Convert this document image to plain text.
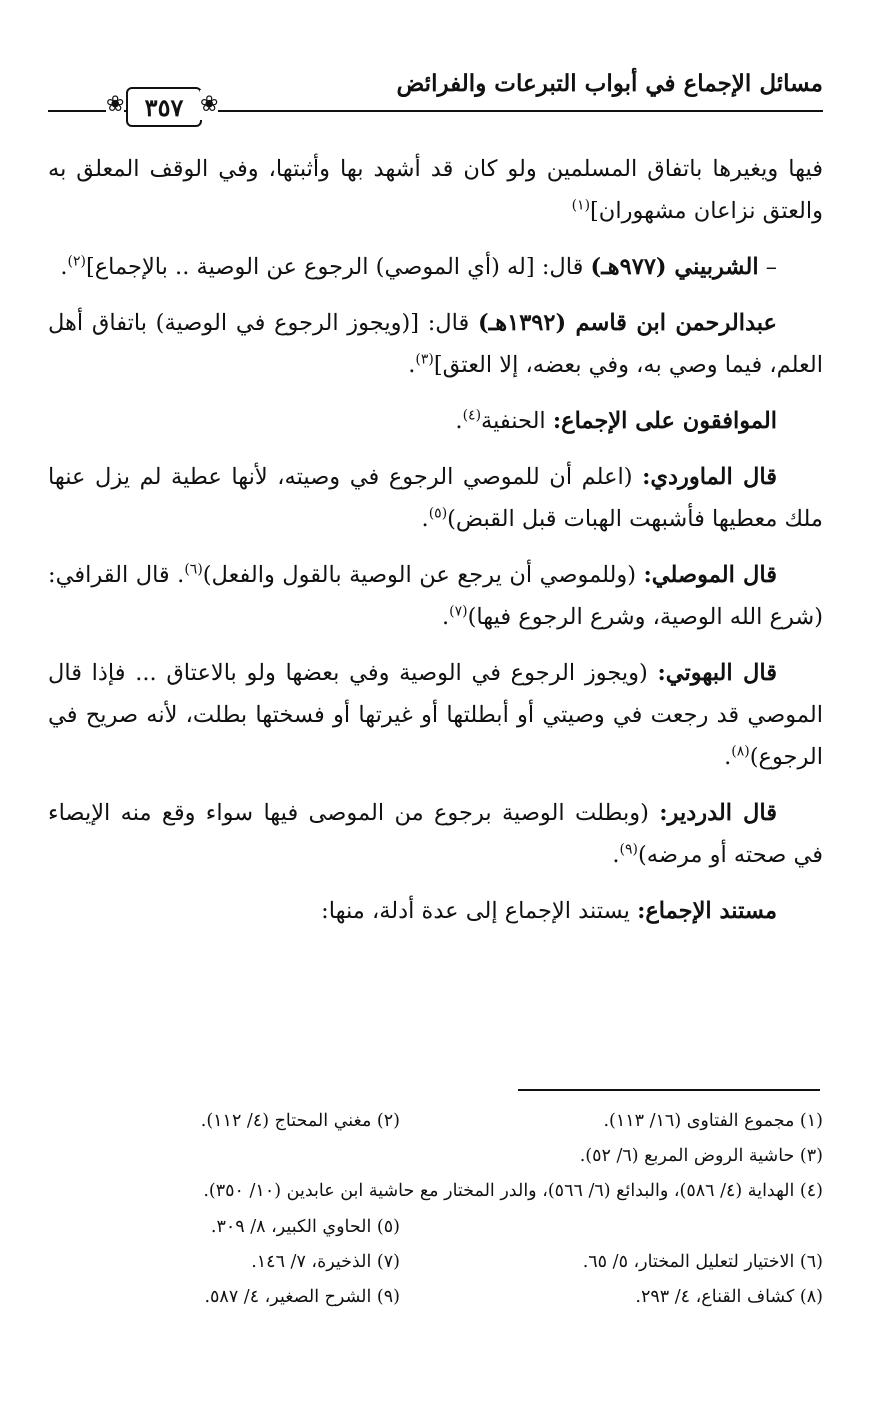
مسائل الإجماع في أبواب التبرعات والفرائض
❀ ٣٥٧ ❀

فيها ويغيرها باتفاق المسلمين ولو كان قد أشهد بها وأثبتها، وفي الوقف المعلق به والعتق نزاعان مشهوران]$^{(١)}$

– الشربيني (٩٧٧هـ) قال: [له (أي الموصي) الرجوع عن الوصية .. بالإجماع]$^{(٢)}$.

عبدالرحمن ابن قاسم (١٣٩٢هـ) قال: [(ويجوز الرجوع في الوصية) باتفاق أهل العلم، فيما وصي به، وفي بعضه، إلا العتق]$^{(٣)}$.

الموافقون على الإجماع: الحنفية$^{(٤)}$.

قال الماوردي: (اعلم أن للموصي الرجوع في وصيته، لأنها عطية لم يزل عنها ملك معطيها فأشبهت الهبات قبل القبض)$^{(٥)}$.

قال الموصلي: (وللموصي أن يرجع عن الوصية بالقول والفعل)$^{(٦)}$. قال القرافي: (شرع الله الوصية، وشرع الرجوع فيها)$^{(٧)}$.

قال البهوتي: (ويجوز الرجوع في الوصية وفي بعضها ولو بالاعتاق ... فإذا قال الموصي قد رجعت في وصيتي أو أبطلتها أو غيرتها أو فسختها بطلت، لأنه صريح في الرجوع)$^{(٨)}$.

قال الدردير: (وبطلت الوصية برجوع من الموصى فيها سواء وقع منه الإيصاء في صحته أو مرضه)$^{(٩)}$.

مستند الإجماع: يستند الإجماع إلى عدة أدلة، منها:

(١) مجموع الفتاوى (١٦/ ١١٣).
(٢) مغني المحتاج (٤/ ١١٢).
(٣) حاشية الروض المربع (٦/ ٥٢).
(٤) الهداية (٤/ ٥٨٦)، والبدائع (٦/ ٥٦٦)، والدر المختار مع حاشية ابن عابدين (١٠/ ٣٥٠).
(٥) الحاوي الكبير، ٨/ ٣٠٩.
(٦) الاختيار لتعليل المختار، ٥/ ٦٥.
(٧) الذخيرة، ٧/ ١٤٦.
(٨) كشاف القناع، ٤/ ٢٩٣.
(٩) الشرح الصغير، ٤/ ٥٨٧.
